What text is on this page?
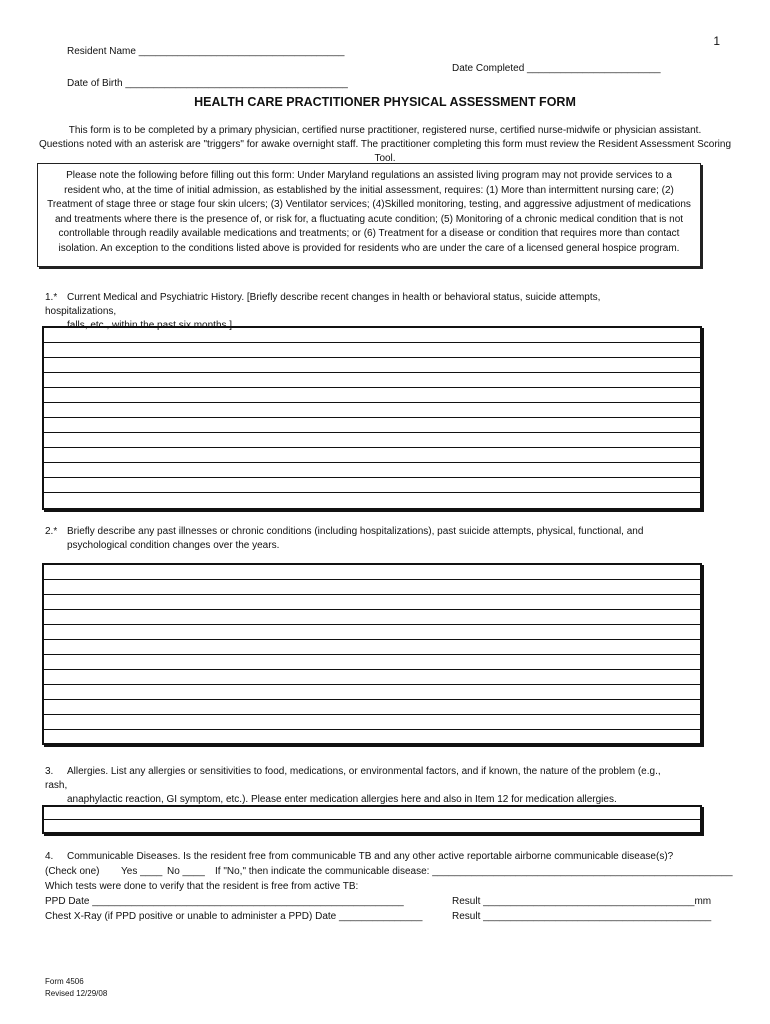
1
Resident Name _____________________________________
Date Completed ________________________
Date of Birth ________________________________________
HEALTH CARE PRACTITIONER PHYSICAL ASSESSMENT FORM
This form is to be completed by a primary physician, certified nurse practitioner, registered nurse, certified nurse-midwife or physician assistant.
Questions noted with an asterisk are "triggers" for awake overnight staff. The practitioner completing this form must review the Resident Assessment Scoring Tool.
Please note the following before filling out this form: Under Maryland regulations an assisted living program may not provide services to a
resident who, at the time of initial admission, as established by the initial assessment, requires: (1) More than intermittent nursing care; (2)
Treatment of stage three or stage four skin ulcers; (3) Ventilator services; (4)Skilled monitoring, testing, and aggressive adjustment of medications
and treatments where there is the presence of, or risk for, a fluctuating acute condition; (5) Monitoring of a chronic medical condition that is not
controllable through readily available medications and treatments; or (6) Treatment for a disease or condition that requires more than contact
isolation. An exception to the conditions listed above is provided for residents who are under the care of a licensed general hospice program.
1.* Current Medical and Psychiatric History. [Briefly describe recent changes in health or behavioral status, suicide attempts, hospitalizations,
falls, etc., within the past six months.]
2.* Briefly describe any past illnesses or chronic conditions (including hospitalizations), past suicide attempts, physical, functional, and
psychological condition changes over the years.
3. Allergies. List any allergies or sensitivities to food, medications, or environmental factors, and if known, the nature of the problem (e.g., rash,
anaphylactic reaction, GI symptom, etc.). Please enter medication allergies here and also in Item 12 for medication allergies.
4. Communicable Diseases. Is the resident free from communicable TB and any other active reportable airborne communicable disease(s)?
(Check one) Yes ____ No ____ If "No," then indicate the communicable disease: ______________________________________________________
Which tests were done to verify that the resident is free from active TB:
PPD Date ________________________________________________________	Result ______________________________________mm
Chest X-Ray (if PPD positive or unable to administer a PPD) Date _______________	Result _________________________________________
Form 4506
Revised 12/29/08
